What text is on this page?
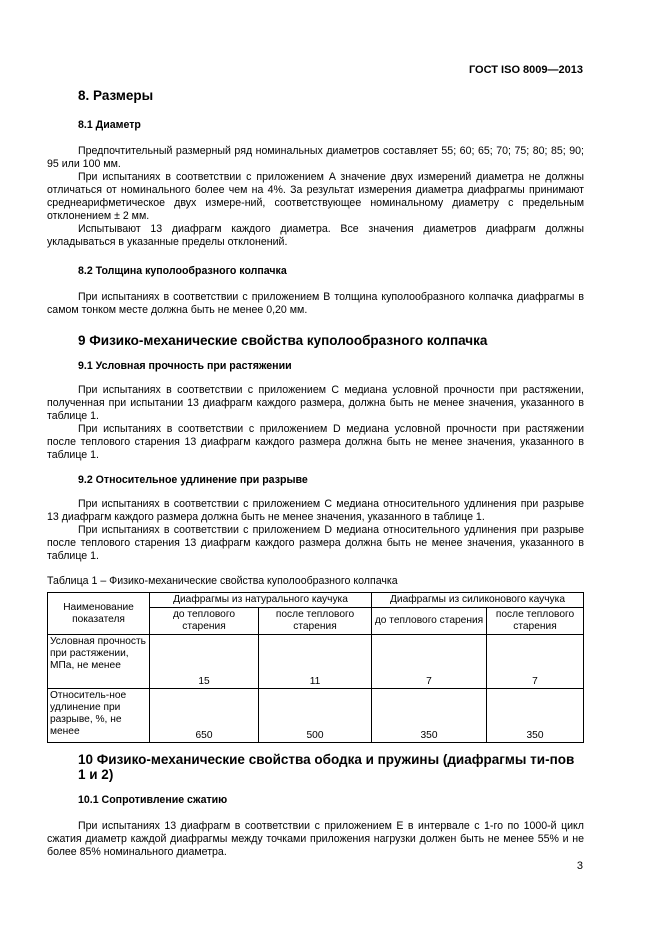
ГОСТ ISO 8009—2013
8. Размеры
8.1 Диаметр

Предпочтительный размерный ряд номинальных диаметров составляет 55; 60; 65; 70; 75; 80; 85; 90; 95 или 100 мм.

При испытаниях в соответствии с приложением A значение двух измерений диаметра не должны отличаться от номинального более чем на 4%. За результат измерения диаметра диафрагмы принимают среднеарифметическое двух измере-ний, соответствующее номинальному диаметру с предельным отклонением ± 2 мм.

Испытывают 13 диафрагм каждого диаметра. Все значения диаметров диафрагм должны укладываться в указанные пределы отклонений.

8.2 Толщина куполообразного колпачка

При испытаниях в соответствии с приложением B толщина куполообразного колпачка диафрагмы в самом тонком месте должна быть не менее 0,20 мм.

9 Физико-механические свойства куполообразного колпачка
9.1 Условная прочность при растяжении

При испытаниях в соответствии с приложением C медиана условной прочности при растяжении, полученная при испытании 13 диафрагм каждого размера, должна быть не менее значения, указанного в таблице 1.

При испытаниях в соответствии с приложением D медиана условной прочности при растяжении после теплового старения 13 диафрагм каждого размера должна быть не менее значения, указанного в таблице 1.

9.2 Относительное удлинение при разрыве

При испытаниях в соответствии с приложением C медиана относительного удлинения при разрыве 13 диафрагм каждого размера должна быть не менее значения, указанного в таблице 1.

При испытаниях в соответствии с приложением D медиана относительного удлинения при разрыве после теплового старения 13 диафрагм каждого размера должна быть не менее значения, указанного в таблице 1.

Таблица 1 – Физико-механические свойства куполообразного колпачка
Наименование показателя	Диафрагмы из натурального каучука		Диафрагмы из силиконового каучука	
	до теплового старения	после теплового старения	до теплового старения	после теплового старения
Условная прочность при растяжении, МПа, не менее	15	11	7	7
Относитель-ное удлинение при разрыве, %, не менее	650	500	350	350
10 Физико-механические свойства ободка и пружины (диафрагмы ти-пов 1 и 2)
10.1 Сопротивление сжатию

При испытаниях 13 диафрагм в соответствии с приложением E в интервале с 1-го по 1000-й цикл сжатия диаметр каждой диафрагмы между точками приложения нагрузки должен быть не менее 55% и не более 85% номинального диаметра.

3
